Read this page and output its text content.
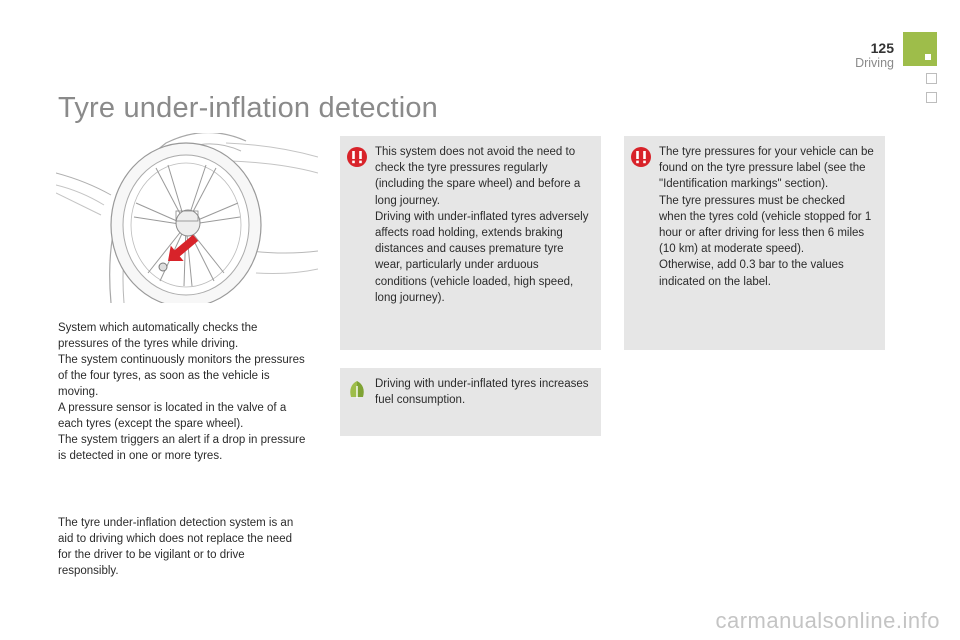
125
Driving
Tyre under-inflation detection

System which automatically checks the pressures of the tyres while driving.

The system continuously monitors the pressures of the four tyres, as soon as the vehicle is moving.

A pressure sensor is located in the valve of a each tyres (except the spare wheel).

The system triggers an alert if a drop in pressure is detected in one or more tyres.

The tyre under-inflation detection system is an aid to driving which does not replace the need for the driver to be vigilant or to drive responsibly.

This system does not avoid the need to check the tyre pressures regularly (including the spare wheel) and before a long journey.

Driving with under-inflated tyres adversely affects road holding, extends braking distances and causes premature tyre wear, particularly under arduous conditions (vehicle loaded, high speed, long journey).

Driving with under-inflated tyres increases fuel consumption.

The tyre pressures for your vehicle can be found on the tyre pressure label (see the "Identification markings" section).

The tyre pressures must be checked when the tyres cold (vehicle stopped for 1 hour or after driving for less then 6 miles (10 km) at moderate speed).

Otherwise, add 0.3 bar to the values indicated on the label.

carmanualsonline.info
